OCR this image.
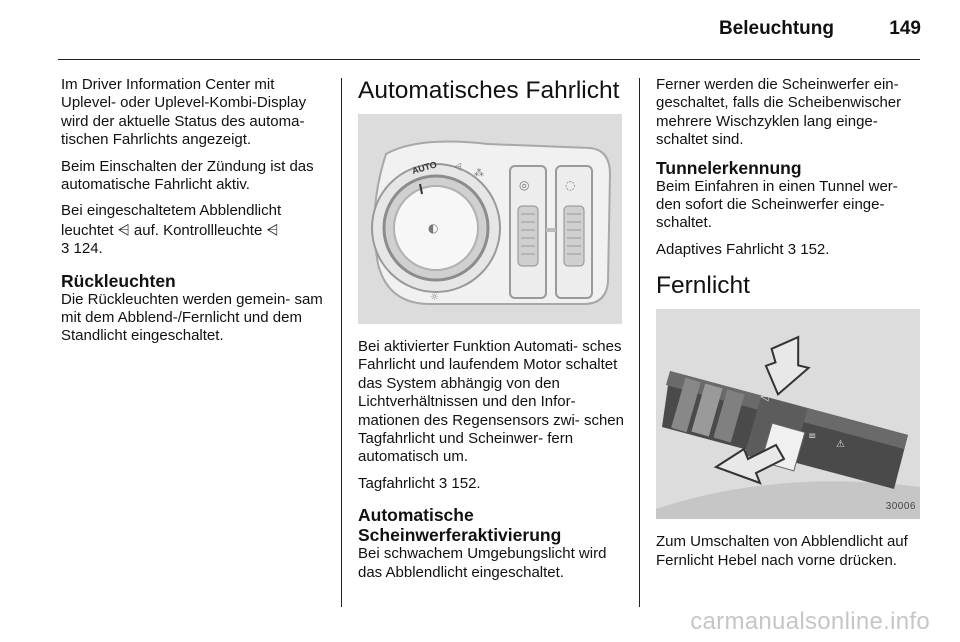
Beleuchtung	149

Im Driver Information Center mit Uplevel- oder Uplevel-Kombi-Display wird der aktuelle Status des automa- tischen Fahrlichts angezeigt.

Beim Einschalten der Zündung ist das automatische Fahrlicht aktiv.

Bei eingeschaltetem Abblendlicht leuchtet ⩤ auf. Kontrollleuchte ⩤
3 124.

Rückleuchten

Die Rückleuchten werden gemein- sam mit dem Abblend-/Fernlicht und dem Standlicht eingeschaltet.

Automatisches Fahrlicht
AUTO ⩤
⁂
◐
☼
◎	◌

Bei aktivierter Funktion Automati- sches Fahrlicht und laufendem Motor schaltet das System abhängig von den Lichtverhältnissen und den Infor- mationen des Regensensors zwi- schen Tagfahrlicht und Scheinwer- fern automatisch um.

Tagfahrlicht 3 152.

Automatische
Scheinwerferaktivierung

Bei schwachem Umgebungslicht wird das Abblendlicht eingeschaltet.

Ferner werden die Scheinwerfer ein- geschaltet, falls die Scheibenwischer mehrere Wischzyklen lang einge- schaltet sind.

Tunnelerkennung

Beim Einfahren in einen Tunnel wer- den sofort die Scheinwerfer einge- schaltet.

Adaptives Fahrlicht 3 152.

Fernlicht
⩤
≡
⚠
30006

Zum Umschalten von Abblendlicht auf Fernlicht Hebel nach vorne drücken.

carmanualsonline.info
